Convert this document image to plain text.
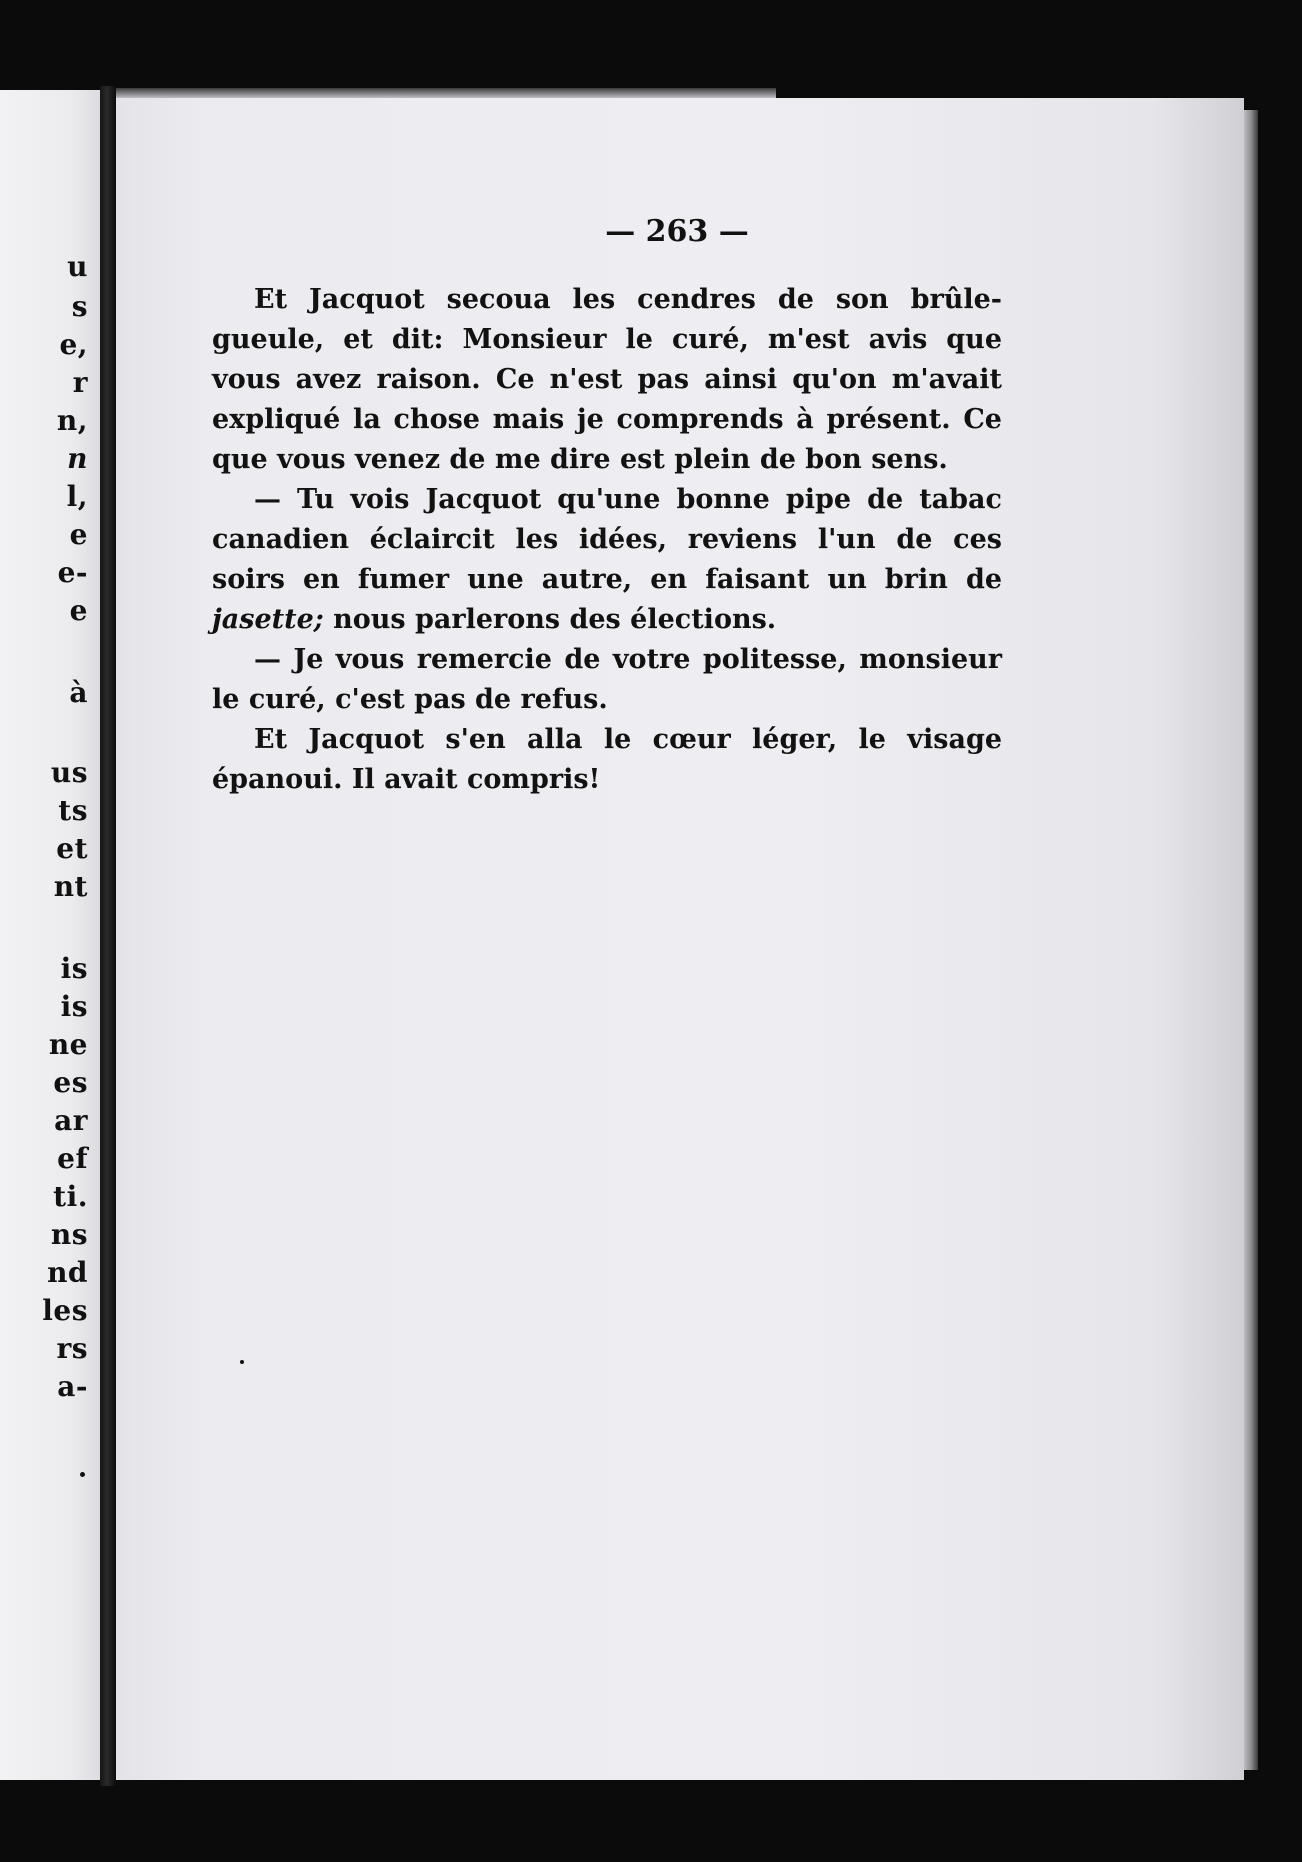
u
s
e,
r
n,
n
l,
e
e-
e
à
us
ts
et
nt
is
is
ne
es
ar
ef
ti.
ns
nd
les
rs
a-
— 263 —

Et Jacquot secoua les cendres de son brûle-gueule, et dit: Monsieur le curé, m'est avis que vous avez raison. Ce n'est pas ainsi qu'on m'avait expliqué la chose mais je comprends à présent. Ce que vous venez de me dire est plein de bon sens.

— Tu vois Jacquot qu'une bonne pipe de tabac canadien éclaircit les idées, reviens l'un de ces soirs en fumer une autre, en faisant un brin de jasette; nous parlerons des élections.

— Je vous remercie de votre politesse, monsieur le curé, c'est pas de refus.

Et Jacquot s'en alla le cœur léger, le visage épanoui. Il avait compris!
